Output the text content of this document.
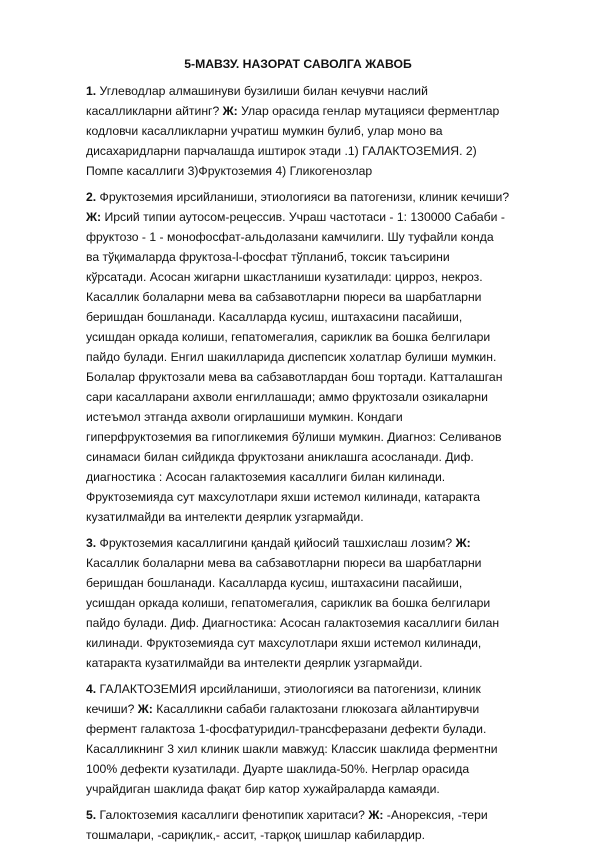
5-МАВЗУ. НАЗОРАТ САВОЛГА ЖАВОБ

1. Углеводлар алмашинуви бузилиши билан кечувчи наслий касалликларни айтинг? Ж: Улар орасида генлар мутацияси ферментлар кодловчи касалликларни учратиш мумкин булиб, улар моно ва дисахаридларни парчалашда иштирок этади .1) ГАЛАКТОЗЕМИЯ. 2) Помпе касаллиги 3)Фруктоземия 4) Гликогенозлар

2. Фруктоземия ирсийланиши, этиологияси ва патогенизи, клиник кечиши? Ж: Ирсий типии аутосом-рецессив. Учраш частотаси - 1: 130000 Сабаби - фруктозо - 1 - монофосфат-альдолазани камчилиги. Шу туфайли конда ва тўқималарда фруктоза-l-фосфат тўпланиб, токсик таъсирини кўрсатади. Асосан жигарни шкастланиши кузатилади: цирроз, некроз. Касаллик болаларни мева ва сабзавотларни пюреси ва шарбатларни беришдан бошланади. Касалларда кусиш, иштахасини пасайиши, усишдан оркада колиши, гепатомегалия, сариклик ва бошка белгилари пайдо булади. Енгил шакилларида диспепсик холатлар булиши мумкин. Болалар фруктозали мева ва сабзавотлардан бош тортади. Катталашган сари касалларани ахволи енгиллашади; аммо фруктозали озикаларни истеъмол этганда ахволи огирлашиши мумкин. Кондаги гиперфруктоземия ва гипогликемия бўлиши мумкин. Диагноз: Селиванов синамаси билан сийдикда фруктозани аниклашга асосланади. Диф. диагностика : Асосан галактоземия касаллиги билан килинади. Фруктоземияда сут махсулотлари яхши истемол килинади, катаракта кузатилмайди ва интелекти деярлик узгармайди.

3. Фруктоземия касаллигини қандай қийосий ташхислаш лозим? Ж: Касаллик болаларни мева ва сабзавотларни пюреси ва шарбатларни беришдан бошланади. Касалларда кусиш, иштахасини пасайиши, усишдан оркада колиши, гепатомегалия, сариклик ва бошка белгилари пайдо булади. Диф. Диагностика: Асосан галактоземия касаллиги билан килинади. Фруктоземияда сут махсулотлари яхши истемол килинади, катаракта кузатилмайди ва интелекти деярлик узгармайди.

4. ГАЛАКТОЗЕМИЯ ирсийланиши, этиологияси ва патогенизи, клиник кечиши? Ж: Касалликни сабаби галактозани глюкозага айлантирувчи фермент галактоза 1-фосфатуридил-трансферазани дефекти булади. Касалликнинг 3 хил клиник шакли мавжуд: Классик шаклида ферментни 100% дефекти кузатилади. Дуарте шаклида-50%. Негрлар орасида учрайдиган шаклида фақат бир катор хужайраларда камаяди.

5. Галоктоземия касаллиги фенотипик харитаси? Ж: -Анорексия, -тери тошмалари, -сариқлик,- ассит, -тарқоқ шишлар кабилардир.
